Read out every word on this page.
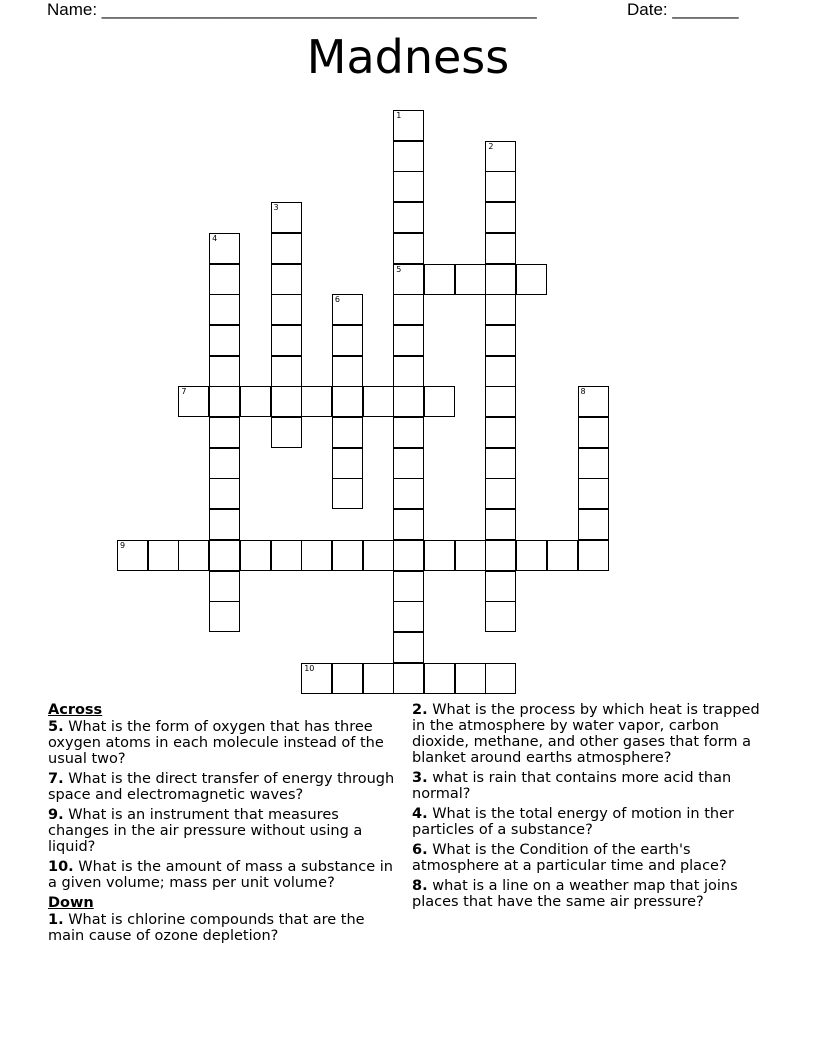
Name: ______________________________________________	Date: _______
Madness
1
5
2
3
4
6
7	8
9
10
Across
5. What is the form of oxygen that has three oxygen atoms in each molecule instead of the usual two?
7. What is the direct transfer of energy through space and electromagnetic waves?
9. What is an instrument that measures changes in the air pressure without using a liquid?
10. What is the amount of mass a substance in a given volume; mass per unit volume?
Down
1. What is chlorine compounds that are the main cause of ozone depletion?
2. What is the process by which heat is trapped in the atmosphere by water vapor, carbon dioxide, methane, and other gases that form a blanket around earths atmosphere?
3. what is rain that contains more acid than normal?
4. What is the total energy of motion in ther particles of a substance?
6. What is the Condition of the earth's atmosphere at a particular time and place?
8. what is a line on a weather map that joins places that have the same air pressure?
